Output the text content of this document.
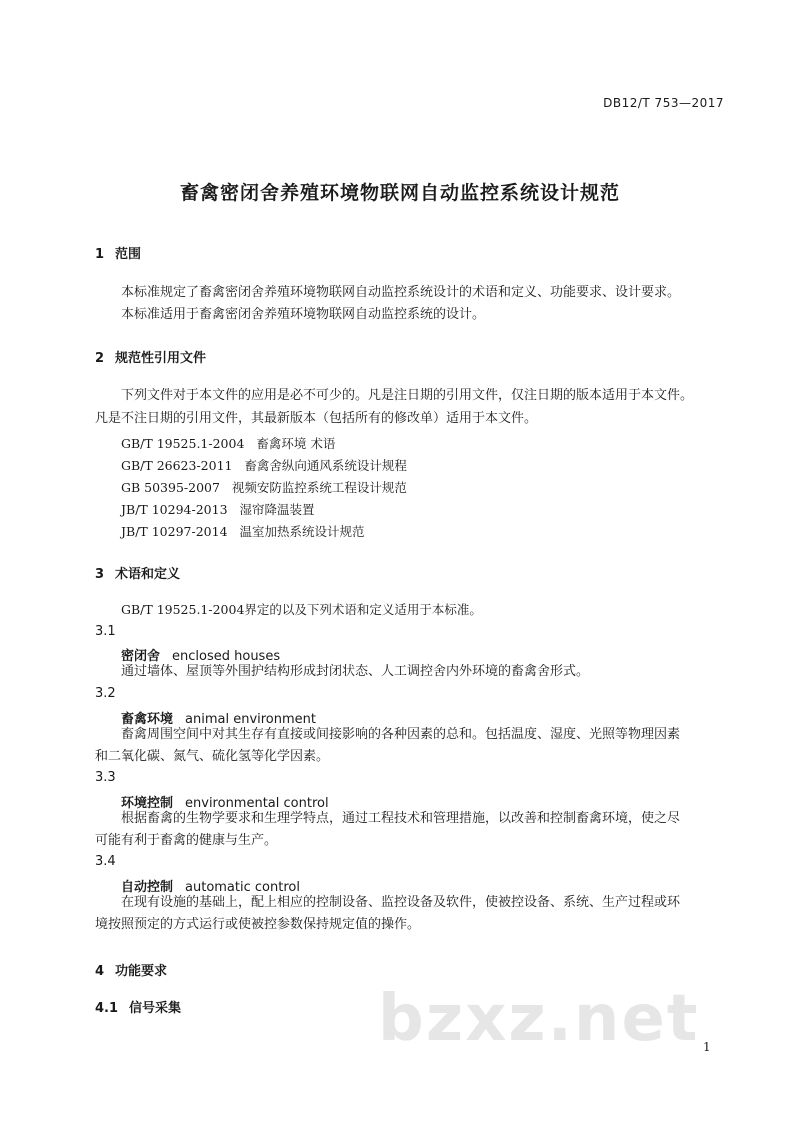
DB12/T 753—2017
畜禽密闭舍养殖环境物联网自动监控系统设计规范
1 范围
本标准规定了畜禽密闭舍养殖环境物联网自动监控系统设计的术语和定义、功能要求、设计要求。
本标准适用于畜禽密闭舍养殖环境物联网自动监控系统的设计。
2 规范性引用文件
下列文件对于本文件的应用是必不可少的。凡是注日期的引用文件，仅注日期的版本适用于本文件。
凡是不注日期的引用文件，其最新版本（包括所有的修改单）适用于本文件。
GB/T 19525.1-2004 畜禽环境 术语
GB/T 26623-2011 畜禽舍纵向通风系统设计规程
GB 50395-2007 视频安防监控系统工程设计规范
JB/T 10294-2013 湿帘降温装置
JB/T 10297-2014 温室加热系统设计规范
3 术语和定义
GB/T 19525.1-2004界定的以及下列术语和定义适用于本标准。
3.1
密闭舍 enclosed houses
通过墙体、屋顶等外围护结构形成封闭状态、人工调控舍内外环境的畜禽舍形式。
3.2
畜禽环境 animal environment
畜禽周围空间中对其生存有直接或间接影响的各种因素的总和。包括温度、湿度、光照等物理因素
和二氧化碳、氮气、硫化氢等化学因素。
3.3
环境控制 environmental control
根据畜禽的生物学要求和生理学特点，通过工程技术和管理措施，以改善和控制畜禽环境，使之尽
可能有利于畜禽的健康与生产。
3.4
自动控制 automatic control
在现有设施的基础上，配上相应的控制设备、监控设备及软件，使被控设备、系统、生产过程或环
境按照预定的方式运行或使被控参数保持规定值的操作。
4 功能要求
4.1 信号采集	bzxz.net 1
